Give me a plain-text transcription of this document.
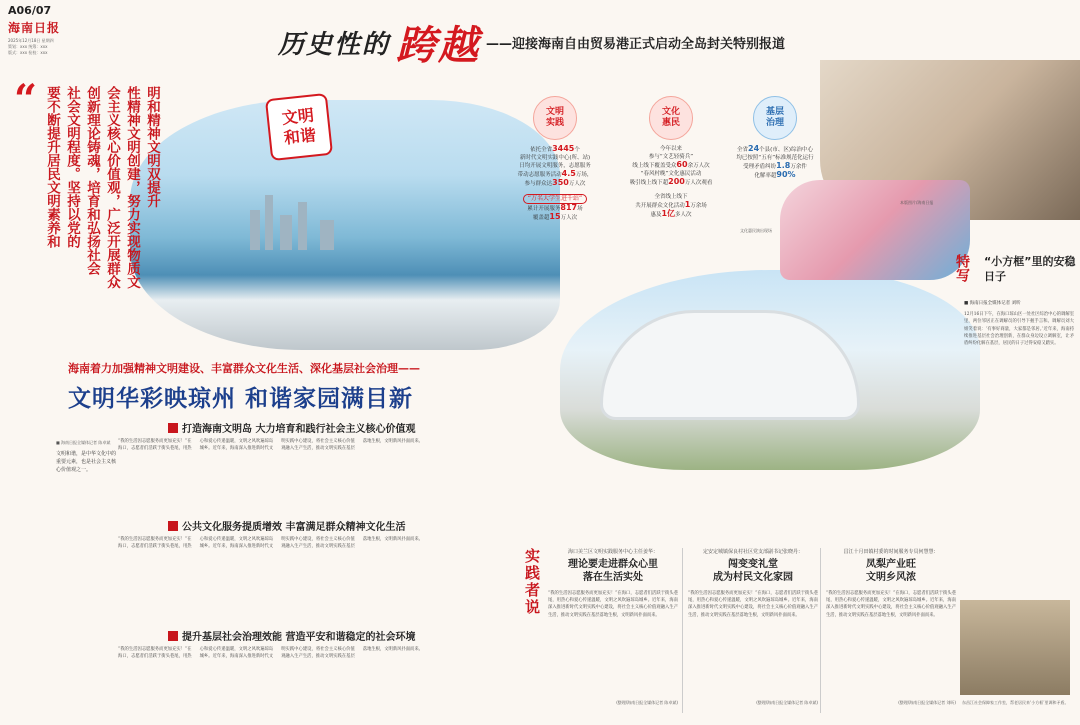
A06/07
海南日报
2025年12月18日 星期四
策划：xxx 统筹：xxx
版式：xxx 检校：xxx	历史性的 跨越 ——迎接海南自由贸易港正式启动全岛封关特别报道
“	明和精神文明双提升
性精神文明创建，努力实现物质文
会主义核心价值观，广泛开展群众
创新理论铸魂，培育和弘扬社会
社会文明程度。坚持以党的
要不断提升居民文明素养和	文明
和谐
文明
实践
依托全省3445个
新时代文明实践中心(所、站)
日均开展文明服务，志愿服务
带动志愿服务活动4.5万场，
参与群众达350万人次
“万名大学生进千站”
累计开展服务817场
覆盖超15万人次
文化
惠民
今年以来
参与“文艺轻骑兵”
线上线下覆盖受众60余万人次
“春风村晚”文化惠民活动
吸引线上线下超200万人次观看
全省线上线下
共开展群众文化活动1万余场
惠及1亿多人次
基层
治理
全省24个县(市、区)综治中心
均已按照“五有”标准规范化运行
受理矛盾纠纷1.8万余件
化解率超90%
本版图片/海南日报
文化惠民演出现场
海南着力加强精神文明建设、丰富群众文化生活、深化基层社会治理——
文明华彩映琼州 和谐家园满目新
■ 海南日报全媒体记者 陈卓斌
文明和谐，是中华文化中的重要元素，也是社会主义核心价值观之一。
打造海南文明岛 大力培育和践行社会主义核心价值观
“我的生活因志愿服务而更加充实！”在海口，志愿者们活跃于街头巷尾，用热心和爱心传递温暖，文明之风吹遍琼岛城乡。近年来，海南深入推进新时代文明实践中心建设，将社会主义核心价值观融入生产生活，推动文明实践在基层落地生根，文明新风扑面而来。
公共文化服务提质增效 丰富满足群众精神文化生活
“我的生活因志愿服务而更加充实！”在海口，志愿者们活跃于街头巷尾，用热心和爱心传递温暖，文明之风吹遍琼岛城乡。近年来，海南深入推进新时代文明实践中心建设，将社会主义核心价值观融入生产生活，推动文明实践在基层落地生根，文明新风扑面而来。
提升基层社会治理效能 营造平安和谐稳定的社会环境
“我的生活因志愿服务而更加充实！”在海口，志愿者们活跃于街头巷尾，用热心和爱心传递温暖，文明之风吹遍琼岛城乡。近年来，海南深入推进新时代文明实践中心建设，将社会主义核心价值观融入生产生活，推动文明实践在基层落地生根，文明新风扑面而来。
实践者说	海口美兰区文明实践服务中心主任姜华：
理论要走进群众心里
落在生活实处
“我的生活因志愿服务而更加充实！”在海口，志愿者们活跃于街头巷尾，用热心和爱心传递温暖，文明之风吹遍琼岛城乡。近年来，海南深入推进新时代文明实践中心建设，将社会主义核心价值观融入生产生活，推动文明实践在基层落地生根，文明新风扑面而来。
(整理/海南日报全媒体记者 陈卓斌)
定安定城镇保良村社区党支部副书记张晓丹：
闯变变礼堂
成为村民文化家园
“我的生活因志愿服务而更加充实！”在海口，志愿者们活跃于街头巷尾，用热心和爱心传递温暖，文明之风吹遍琼岛城乡。近年来，海南深入推进新时代文明实践中心建设，将社会主义核心价值观融入生产生活，推动文明实践在基层落地生根，文明新风扑面而来。
(整理/海南日报全媒体记者 陈卓斌)
昌江十月田镇村委的时间服务专员何慧慧：
凤梨产业旺
文明乡风浓
“我的生活因志愿服务而更加充实！”在海口，志愿者们活跃于街头巷尾，用热心和爱心传递温暖，文明之风吹遍琼岛城乡。近年来，海南深入推进新时代文明实践中心建设，将社会主义核心价值观融入生产生活，推动文明实践在基层落地生根，文明新风扑面而来。
(整理/海南日报全媒体记者 刘昕)
特写 “小方框”里的安稳日子
■ 海南日报全媒体记者 刘昕
12月16日下午，在海口琼山区一处社区综治中心的调解室里，两位邻居正在调解员的引导下握手言和。调解员刘大姐笑着说：‘有事好商量，大家都是邻居。’近年来，海南持续推进基层社会治理创新，在群众身边设立调解室，让矛盾纠纷化解在基层，居民的日子过得安稳又踏实。
东昌江社会保障家工作室，帮老居民来‘小方框’里调和矛盾。
